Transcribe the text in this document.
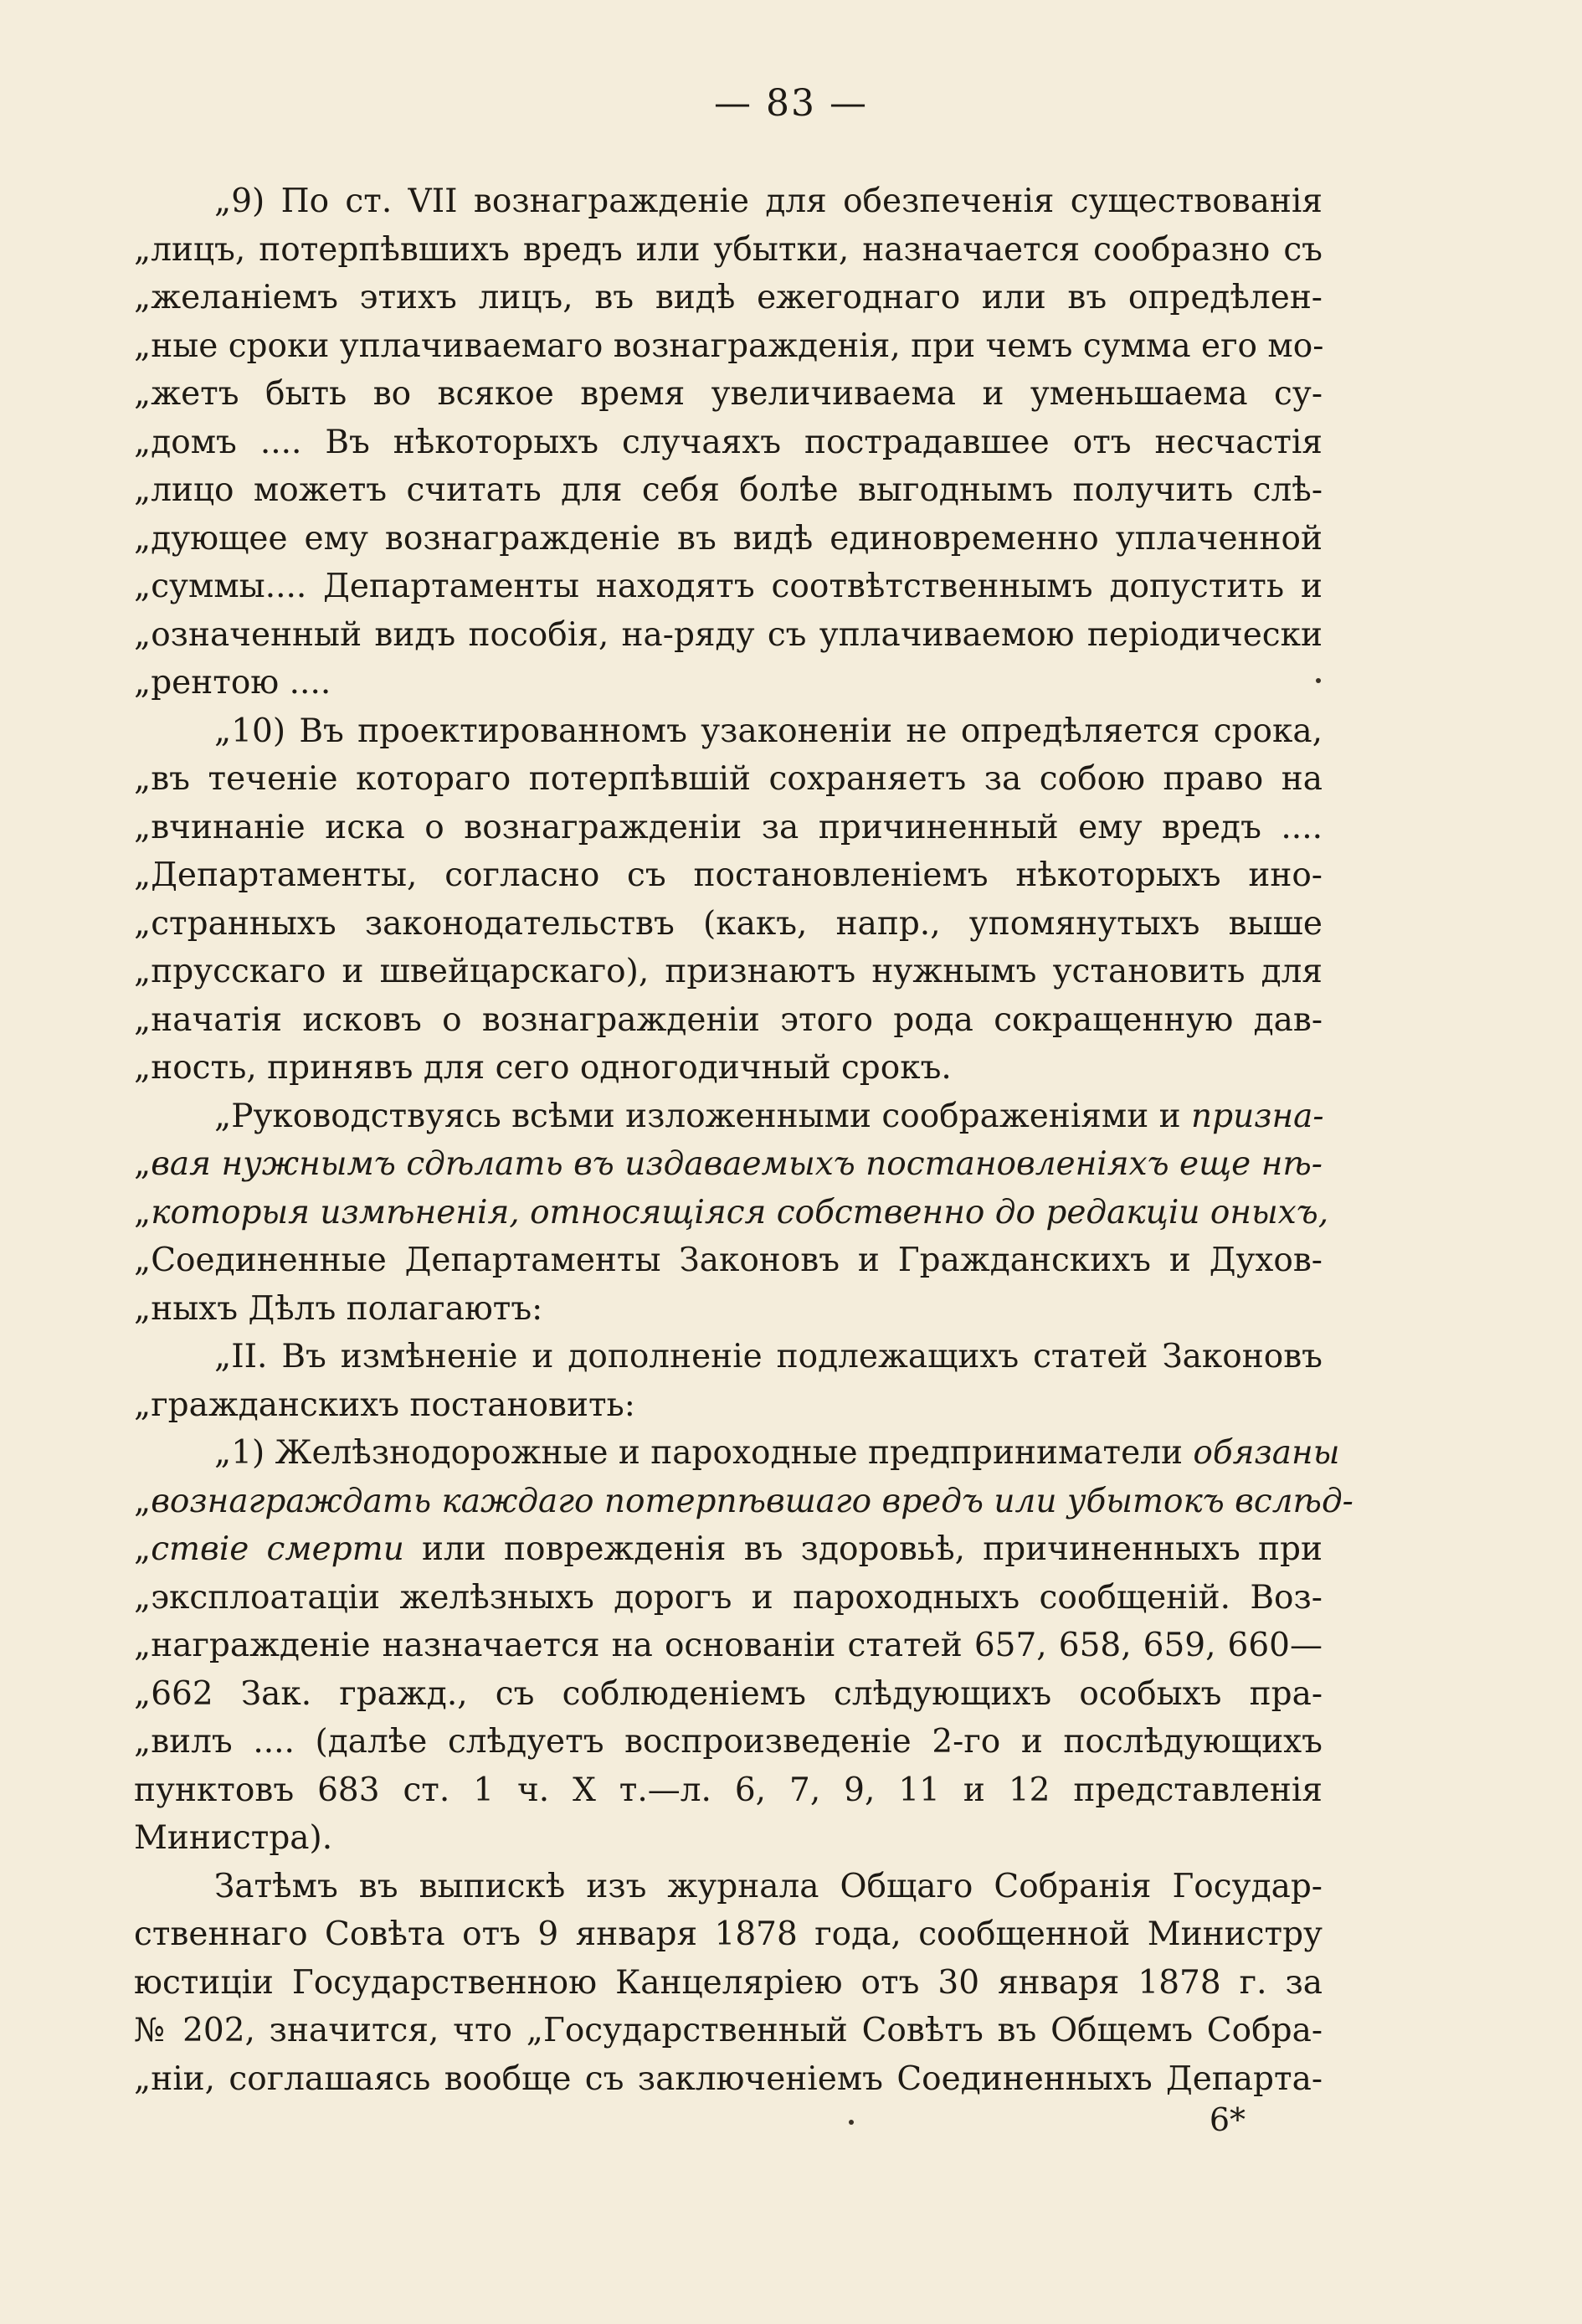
— 83 —
„9) По ст. VII вознагражденіе для обезпеченія существованія
„лицъ, потерпѣвшихъ вредъ или убытки, назначается сообразно съ
„желаніемъ этихъ лицъ, въ видѣ ежегоднаго или въ опредѣлен-
„ные сроки уплачиваемаго вознагражденія, при чемъ сумма его мо-
„жетъ быть во всякое время увеличиваема и уменьшаема су-
„домъ .... Въ нѣкоторыхъ случаяхъ пострадавшее отъ несчастія
„лицо можетъ считать для себя болѣе выгоднымъ получить слѣ-
„дующее ему вознагражденіе въ видѣ единовременно уплаченной
„суммы.... Департаменты находятъ соотвѣтственнымъ допустить и
„означенный видъ пособія, на-ряду съ уплачиваемою періодически
„рентою ....
„10) Въ проектированномъ узаконеніи не опредѣляется срока,
„въ теченіе котораго потерпѣвшій сохраняетъ за собою право на
„вчинаніе иска о вознагражденіи за причиненный ему вредъ ....
„Департаменты, согласно съ постановленіемъ нѣкоторыхъ ино-
„странныхъ законодательствъ (какъ, напр., упомянутыхъ выше
„прусскаго и швейцарскаго), признаютъ нужнымъ установить для
„начатія исковъ о вознагражденіи этого рода сокращенную дав-
„ность, принявъ для сего одногодичный срокъ.
„Руководствуясь всѣми изложенными соображеніями и призна-
„вая нужнымъ сдѣлать въ издаваемыхъ постановленіяхъ еще нѣ-
„которыя измѣненія, относящіяся собственно до редакціи оныхъ,
„Соединенные Департаменты Законовъ и Гражданскихъ и Духов-
„ныхъ Дѣлъ полагаютъ:
„II. Въ измѣненіе и дополненіе подлежащихъ статей Законовъ
„гражданскихъ постановить:
„1) Желѣзнодорожные и пароходные предприниматели обязаны
„вознаграждать каждаго потерпѣвшаго вредъ или убытокъ вслѣд-
„ствіе смерти или поврежденія въ здоровьѣ, причиненныхъ при
„эксплоатаціи желѣзныхъ дорогъ и пароходныхъ сообщеній. Воз-
„награжденіе назначается на основаніи статей 657, 658, 659, 660—
„662 Зак. гражд., съ соблюденіемъ слѣдующихъ особыхъ пра-
„вилъ .... (далѣе слѣдуетъ воспроизведеніе 2-го и послѣдующихъ
пунктовъ 683 ст. 1 ч. X т.—л. 6, 7, 9, 11 и 12 представленія
Министра).
Затѣмъ въ выпискѣ изъ журнала Общаго Собранія Государ-
ственнаго Совѣта отъ 9 января 1878 года, сообщенной Министру
юстиціи Государственною Канцеляріею отъ 30 января 1878 г. за
№ 202, значится, что „Государственный Совѣтъ въ Общемъ Собра-
„ніи, соглашаясь вообще съ заключеніемъ Соединенныхъ Департа-
6*
